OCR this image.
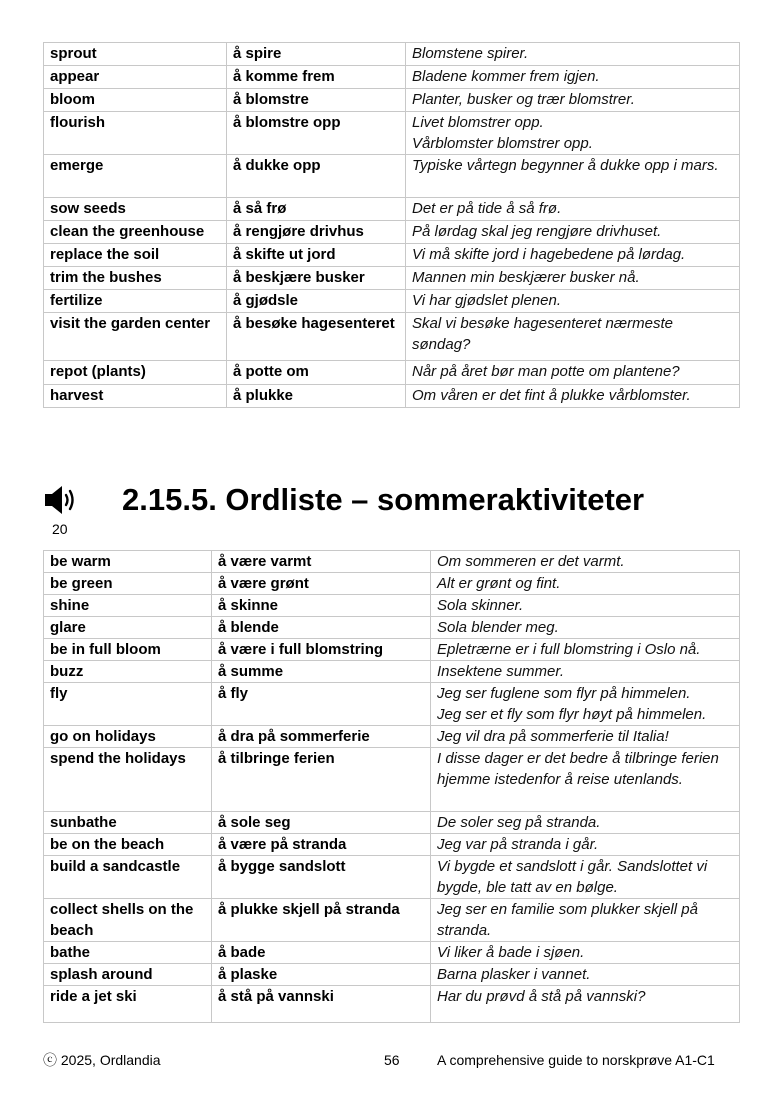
sprout	å spire	Blomstene spirer.
appear	å komme frem	Bladene kommer frem igjen.
bloom	å blomstre	Planter, busker og trær blomstrer.
flourish	å blomstre opp	Livet blomstrer opp.
Vårblomster blomstrer opp.
emerge	å dukke opp	Typiske vårtegn begynner å dukke opp i mars.
sow seeds	å så frø	Det er på tide å så frø.
clean the greenhouse	å rengjøre drivhus	På lørdag skal jeg rengjøre drivhuset.
replace the soil	å skifte ut jord	Vi må skifte jord i hagebedene på lørdag.
trim the bushes	å beskjære busker	Mannen min beskjærer busker nå.
fertilize	å gjødsle	Vi har gjødslet plenen.
visit the garden center	å besøke hagesenteret	Skal vi besøke hagesenteret nærmeste søndag?
repot (plants)	å potte om	Når på året bør man potte om plantene?
harvest	å plukke	Om våren er det fint å plukke vårblomster.
20
2.15.5. Ordliste – sommeraktiviteter
be warm	å være varmt	Om sommeren er det varmt.
be green	å være grønt	Alt er grønt og fint.
shine	å skinne	Sola skinner.
glare	å blende	Sola blender meg.
be in full bloom	å være i full blomstring	Epletrærne er i full blomstring i Oslo nå.
buzz	å summe	Insektene summer.
fly	å fly	Jeg ser fuglene som flyr på himmelen.
Jeg ser et fly som flyr høyt på himmelen.
go on holidays	å dra på sommerferie	Jeg vil dra på sommerferie til Italia!
spend the holidays	å tilbringe ferien	I disse dager er det bedre å tilbringe ferien hjemme istedenfor å reise utenlands.
sunbathe	å sole seg	De soler seg på stranda.
be on the beach	å være på stranda	Jeg var på stranda i går.
build a sandcastle	å bygge sandslott	Vi bygde et sandslott i går. Sandslottet vi bygde, ble tatt av en bølge.
collect shells on the beach	å plukke skjell på stranda	Jeg ser en familie som plukker skjell på stranda.
bathe	å bade	Vi liker å bade i sjøen.
splash around	å plaske	Barna plasker i vannet.
ride a jet ski	å stå på vannski	Har du prøvd å stå på vannski?
ⓒ 2025, Ordlandia	56	A comprehensive guide to norskprøve A1-C1
